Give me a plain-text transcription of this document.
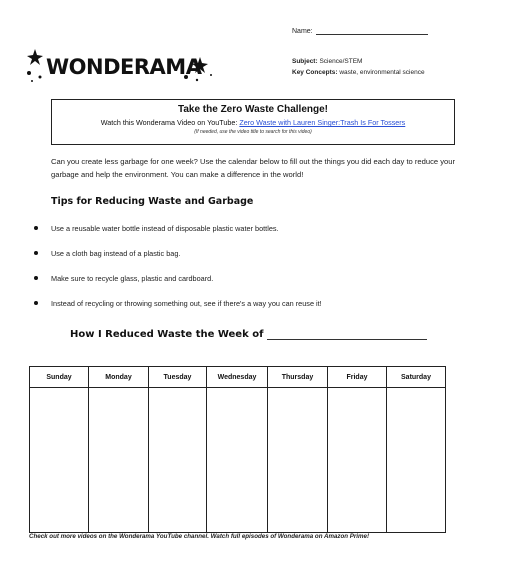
Name:
WONDERAMA	Subject: Science/STEM
Key Concepts: waste, environmental science
Take the Zero Waste Challenge!
Watch this Wonderama Video on YouTube: Zero Waste with Lauren Singer:Trash Is For Tossers
(If needed, use the video title to search for this video)
Can you create less garbage for one week? Use the calendar below to fill out the things you did each day to reduce your garbage and help the environment. You can make a difference in the world!
Tips for Reducing Waste and Garbage
Use a reusable water bottle instead of disposable plastic water bottles.
Use a cloth bag instead of a plastic bag.
Make sure to recycle glass, plastic and cardboard.
Instead of recycling or throwing something out, see if there's a way you can reuse it!
How I Reduced Waste the Week of
Sunday	Monday	Tuesday	Wednesday	Thursday	Friday	Saturday

Check out more videos on the Wonderama YouTube channel. Watch full episodes of Wonderama on Amazon Prime!
